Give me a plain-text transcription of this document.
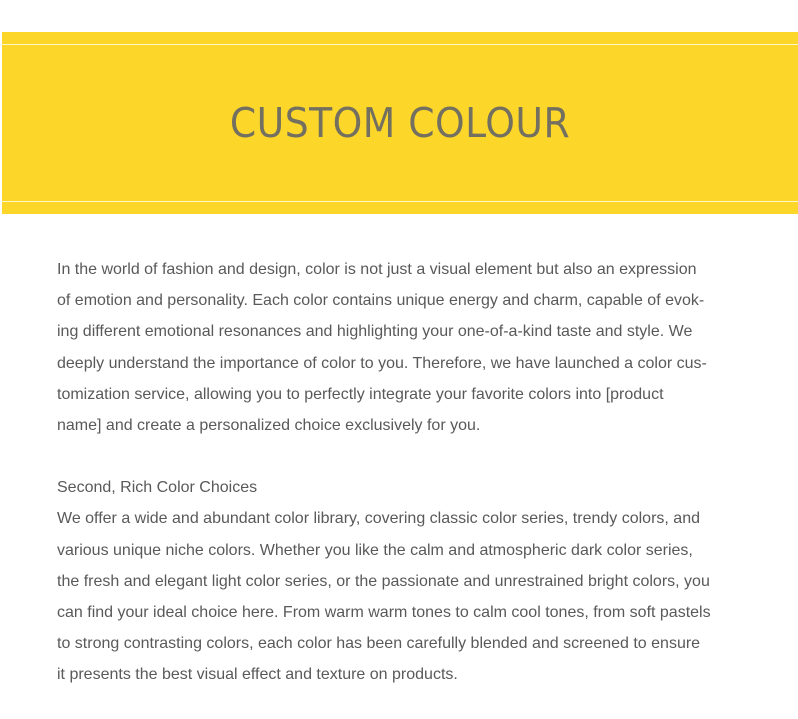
CUSTOM COLOUR

In the world of fashion and design, color is not just a visual element but also an expression

of emotion and personality. Each color contains unique energy and charm, capable of evok-

ing different emotional resonances and highlighting your one-of-a-kind taste and style. We

deeply understand the importance of color to you. Therefore, we have launched a color cus-

tomization service, allowing you to perfectly integrate your favorite colors into [product

name] and create a personalized choice exclusively for you.

Second, Rich Color Choices

We offer a wide and abundant color library, covering classic color series, trendy colors, and

various unique niche colors. Whether you like the calm and atmospheric dark color series,

the fresh and elegant light color series, or the passionate and unrestrained bright colors, you

can find your ideal choice here. From warm warm tones to calm cool tones, from soft pastels

to strong contrasting colors, each color has been carefully blended and screened to ensure

it presents the best visual effect and texture on products.
